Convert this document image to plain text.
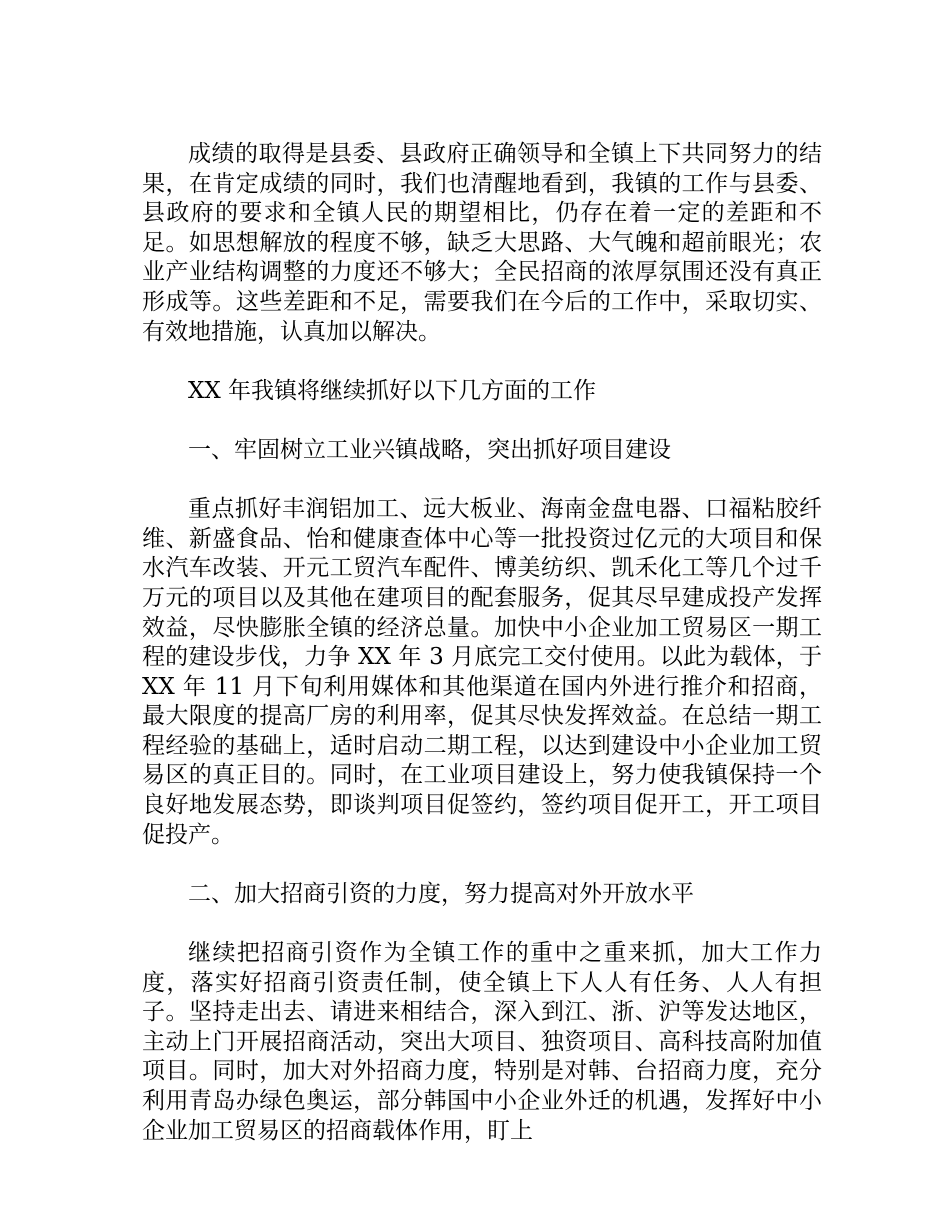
成绩的取得是县委、县政府正确领导和全镇上下共同努力的结果，在肯定成绩的同时，我们也清醒地看到，我镇的工作与县委、县政府的要求和全镇人民的期望相比，仍存在着一定的差距和不足。如思想解放的程度不够，缺乏大思路、大气魄和超前眼光；农业产业结构调整的力度还不够大；全民招商的浓厚氛围还没有真正形成等。这些差距和不足，需要我们在今后的工作中，采取切实、有效地措施，认真加以解决。

XX 年我镇将继续抓好以下几方面的工作

一、牢固树立工业兴镇战略，突出抓好项目建设

重点抓好丰润铝加工、远大板业、海南金盘电器、口福粘胶纤维、新盛食品、怡和健康查体中心等一批投资过亿元的大项目和保水汽车改装、开元工贸汽车配件、博美纺织、凯禾化工等几个过千万元的项目以及其他在建项目的配套服务，促其尽早建成投产发挥效益，尽快膨胀全镇的经济总量。加快中小企业加工贸易区一期工程的建设步伐，力争 XX 年 3 月底完工交付使用。以此为载体，于 XX 年 11 月下旬利用媒体和其他渠道在国内外进行推介和招商，最大限度的提高厂房的利用率，促其尽快发挥效益。在总结一期工程经验的基础上，适时启动二期工程，以达到建设中小企业加工贸易区的真正目的。同时，在工业项目建设上，努力使我镇保持一个良好地发展态势，即谈判项目促签约，签约项目促开工，开工项目促投产。

二、加大招商引资的力度，努力提高对外开放水平

继续把招商引资作为全镇工作的重中之重来抓，加大工作力度，落实好招商引资责任制，使全镇上下人人有任务、人人有担子。坚持走出去、请进来相结合，深入到江、浙、沪等发达地区，主动上门开展招商活动，突出大项目、独资项目、高科技高附加值项目。同时，加大对外招商力度，特别是对韩、台招商力度，充分利用青岛办绿色奥运，部分韩国中小企业外迁的机遇，发挥好中小企业加工贸易区的招商载体作用，盯上
